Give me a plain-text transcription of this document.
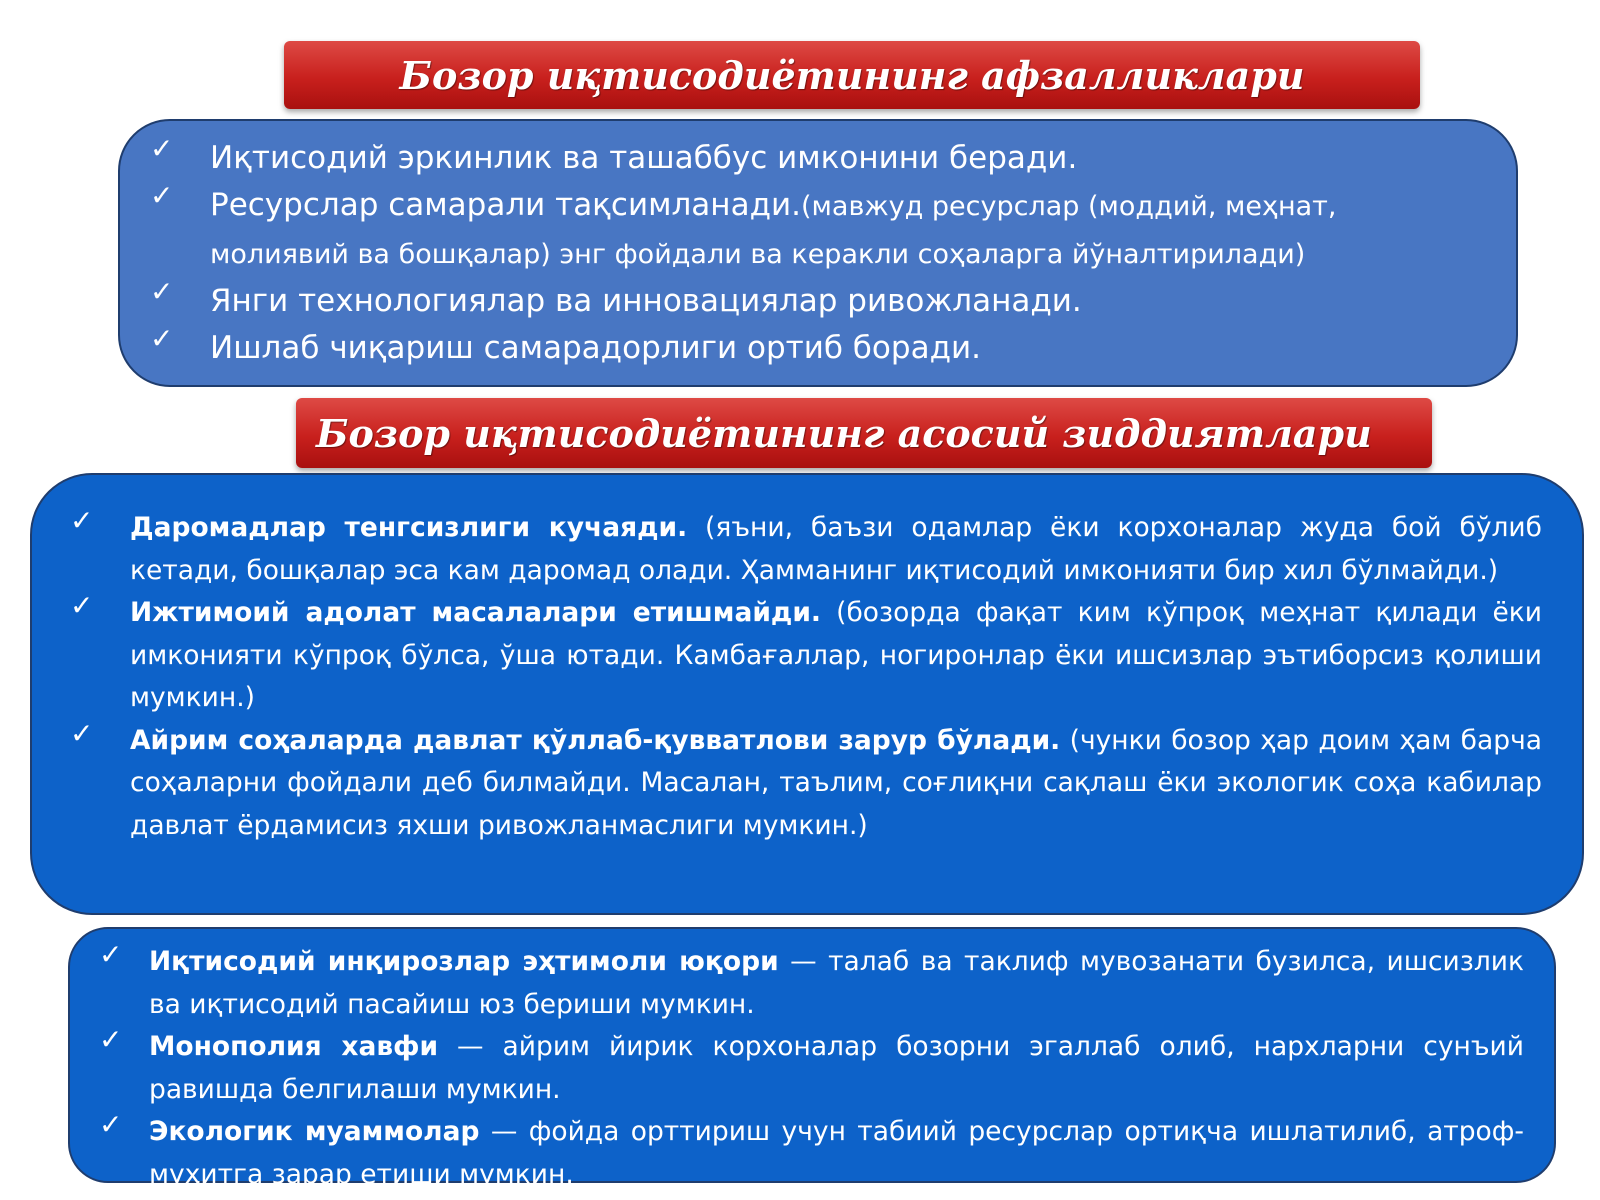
Бозор иқтисодиётининг афзалликлари
✓ Иқтисодий эркинлик ва ташаббус имконини беради.
✓ Ресурслар самарали тақсимланади.(мавжуд ресурслар (моддий, меҳнат, молиявий ва бошқалар) энг фойдали ва керакли соҳаларга йўналтирилади)
✓ Янги технологиялар ва инновациялар ривожланади.
✓ Ишлаб чиқариш самарадорлиги ортиб боради.
Бозор иқтисодиётининг асосий зиддиятлари
✓ Даромадлар тенгсизлиги кучаяди. (яъни, баъзи одамлар ёки корхоналар жуда бой бўлиб кетади, бошқалар эса кам даромад олади. Ҳамманинг иқтисодий имконияти бир хил бўлмайди.)
✓ Ижтимоий адолат масалалари етишмайди. (бозорда фақат ким кўпроқ меҳнат қилади ёки имконияти кўпроқ бўлса, ўша ютади. Камбағаллар, ногиронлар ёки ишсизлар эътиборсиз қолиши мумкин.)
✓ Айрим соҳаларда давлат қўллаб-қувватлови зарур бўлади. (чунки бозор ҳар доим ҳам барча соҳаларни фойдали деб билмайди. Масалан, таълим, соғлиқни сақлаш ёки экологик соҳа кабилар давлат ёрдамисиз яхши ривожланмаслиги мумкин.)
✓ Иқтисодий инқирозлар эҳтимоли юқори — талаб ва таклиф мувозанати бузилса, ишсизлик ва иқтисодий пасайиш юз бериши мумкин.
✓ Монополия хавфи — айрим йирик корхоналар бозорни эгаллаб олиб, нархларни сунъий равишда белгилаши мумкин.
✓ Экологик муаммолар — фойда орттириш учун табиий ресурслар ортиқча ишлатилиб, атроф-муҳитга зарар етиши мумкин.
